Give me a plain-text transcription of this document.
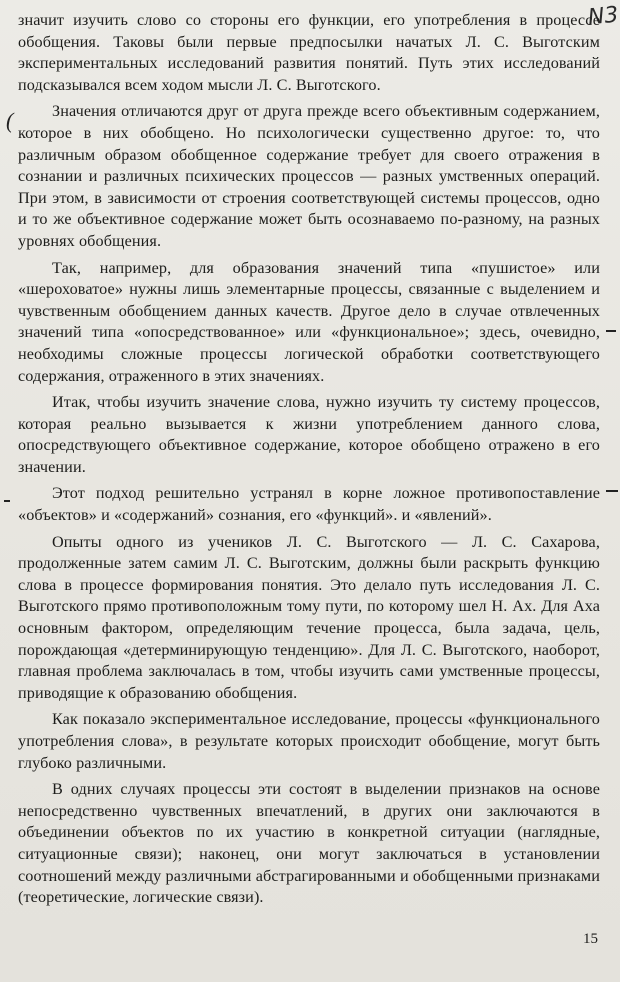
N3
(

значит изучить слово со стороны его функции, его употребления в процессе обобщения. Таковы были первые предпосылки начатых Л. С. Выготским экспериментальных исследований развития понятий. Путь этих исследований подсказывался всем ходом мысли Л. С. Выготского.

Значения отличаются друг от друга прежде всего объективным содержанием, которое в них обобщено. Но психологически существенно другое: то, что различным образом обобщенное содержание требует для своего отражения в сознании и различных психических процессов — разных умственных операций. При этом, в зависимости от строения соответствующей системы процессов, одно и то же объективное содержание может быть осознаваемо по-разному, на разных уровнях обобщения.

Так, например, для образования значений типа «пушистое» или «шероховатое» нужны лишь элементарные процессы, связанные с выделением и чувственным обобщением данных качеств. Другое дело в случае отвлеченных значений типа «опосредствованное» или «функциональное»; здесь, очевидно, необходимы сложные процессы логической обработки соответствующего содержания, отраженного в этих значениях.

Итак, чтобы изучить значение слова, нужно изучить ту систему процессов, которая реально вызывается к жизни употреблением данного слова, опосредствующего объективное содержание, которое обобщено отражено в его значении.

Этот подход решительно устранял в корне ложное противопоставление «объектов» и «содержаний» сознания, его «функций». и «явлений».

Опыты одного из учеников Л. С. Выготского — Л. С. Сахарова, продолженные затем самим Л. С. Выготским, должны были раскрыть функцию слова в процессе формирования понятия. Это делало путь исследования Л. С. Выготского прямо противоположным тому пути, по которому шел Н. Ах. Для Аха основным фактором, определяющим течение процесса, была задача, цель, порождающая «детерминирующую тенденцию». Для Л. С. Выготского, наоборот, главная проблема заключалась в том, чтобы изучить сами умственные процессы, приводящие к образованию обобщения.

Как показало экспериментальное исследование, процессы «функционального употребления слова», в результате которых происходит обобщение, могут быть глубоко различными.

В одних случаях процессы эти состоят в выделении признаков на основе непосредственно чувственных впечатлений, в других они заключаются в объединении объектов по их участию в конкретной ситуации (наглядные, ситуационные связи); наконец, они могут заключаться в установлении соотношений между различными абстрагированными и обобщенными признаками (теоретические, логические связи).

15
